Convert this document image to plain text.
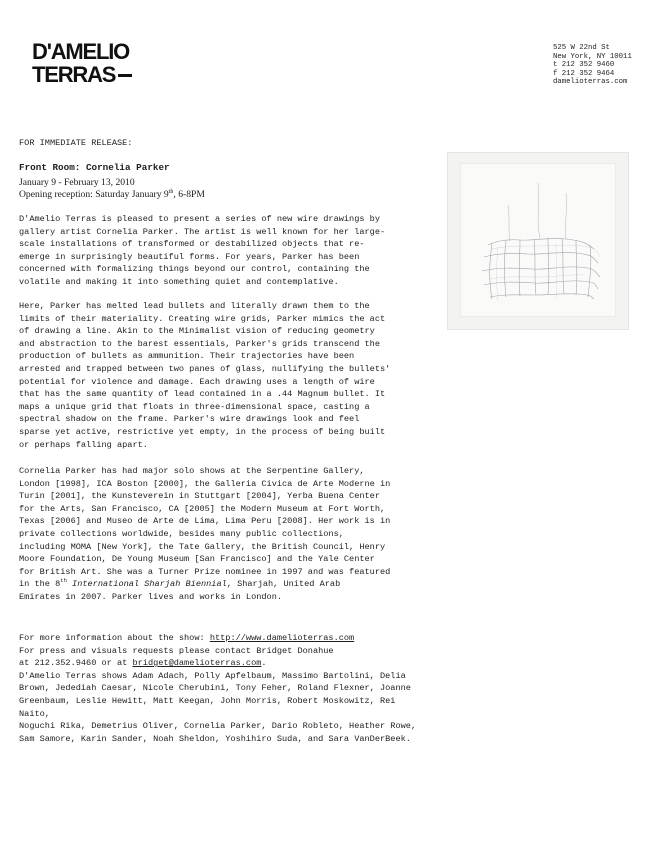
D'AMELIO
TERRAS
525 W 22nd St
New York, NY 10011
t 212 352 9460
f 212 352 9464
damelioterras.com
FOR IMMEDIATE RELEASE:
Front Room: Cornelia Parker
January 9 - February 13, 2010
Opening reception: Saturday January 9th, 6-8PM
D'Amelio Terras is pleased to present a series of new wire drawings by
gallery artist Cornelia Parker. The artist is well known for her large-
scale installations of transformed or destabilized objects that re-
emerge in surprisingly beautiful forms. For years, Parker has been
concerned with formalizing things beyond our control, containing the
volatile and making it into something quiet and contemplative.
Here, Parker has melted lead bullets and literally drawn them to the
limits of their materiality. Creating wire grids, Parker mimics the act
of drawing a line. Akin to the Minimalist vision of reducing geometry
and abstraction to the barest essentials, Parker's grids transcend the
production of bullets as ammunition. Their trajectories have been
arrested and trapped between two panes of glass, nullifying the bullets'
potential for violence and damage. Each drawing uses a length of wire
that has the same quantity of lead contained in a .44 Magnum bullet. It
maps a unique grid that floats in three-dimensional space, casting a
spectral shadow on the frame. Parker's wire drawings look and feel
sparse yet active, restrictive yet empty, in the process of being built
or perhaps falling apart.
Cornelia Parker has had major solo shows at the Serpentine Gallery,
London [1998], ICA Boston [2000], the Galleria Civica de Arte Moderne in
Turin [2001], the Kunsteverein in Stuttgart [2004], Yerba Buena Center
for the Arts, San Francisco, CA [2005] the Modern Museum at Fort Worth,
Texas [2006] and Museo de Arte de Lima, Lima Peru [2008]. Her work is in
private collections worldwide, besides many public collections,
including MOMA [New York], the Tate Gallery, the British Council, Henry
Moore Foundation, De Young Museum [San Francisco] and the Yale Center
for British Art. She was a Turner Prize nominee in 1997 and was featured
in the 8th International Sharjah Biennial, Sharjah, United Arab
Emirates in 2007. Parker lives and works in London.
For more information about the show: http://www.damelioterras.com
For press and visuals requests please contact Bridget Donahue
at 212.352.9460 or at bridget@damelioterras.com.
D'Amelio Terras shows Adam Adach, Polly Apfelbaum, Massimo Bartolini, Delia
Brown, Jedediah Caesar, Nicole Cherubini, Tony Feher, Roland Flexner, Joanne
Greenbaum, Leslie Hewitt, Matt Keegan, John Morris, Robert Moskowitz, Rei
Naito,
Noguchi Rika, Demetrius Oliver, Cornelia Parker, Dario Robleto, Heather Rowe,
Sam Samore, Karin Sander, Noah Sheldon, Yoshihiro Suda, and Sara VanDerBeek.
